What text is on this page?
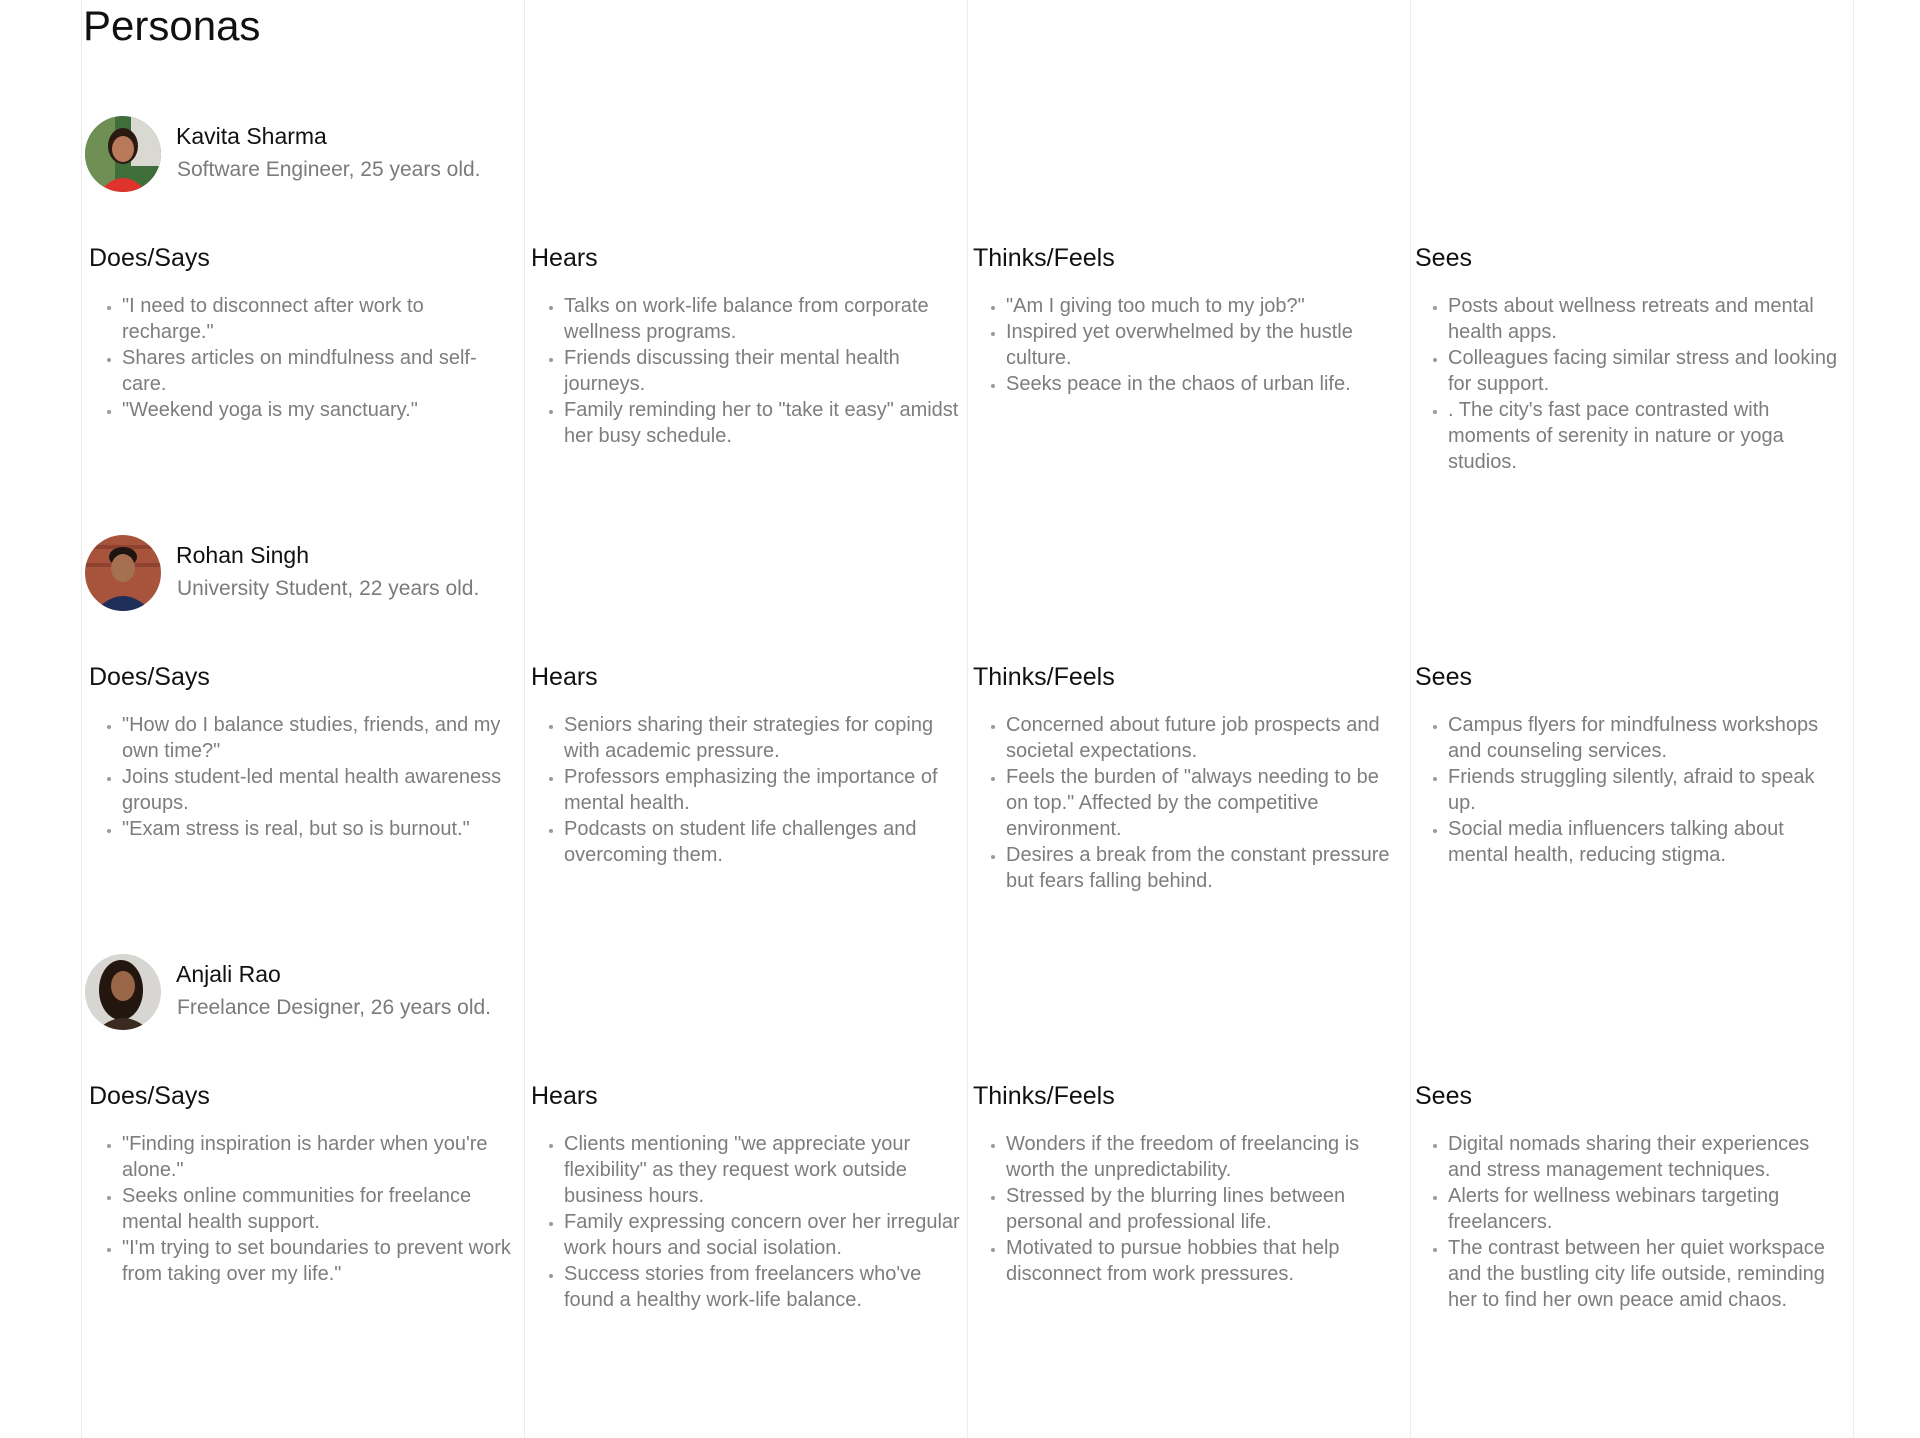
Personas
Kavita Sharma
Software Engineer, 25 years old.
Does/Says
• "I need to disconnect after work to recharge."
• Shares articles on mindfulness and self-care.
• "Weekend yoga is my sanctuary."
Hears
• Talks on work-life balance from corporate wellness programs.
• Friends discussing their mental health journeys.
• Family reminding her to "take it easy" amidst her busy schedule.
Thinks/Feels
• "Am I giving too much to my job?"
• Inspired yet overwhelmed by the hustle culture.
• Seeks peace in the chaos of urban life.
Sees
• Posts about wellness retreats and mental health apps.
• Colleagues facing similar stress and looking for support.
• . The city's fast pace contrasted with moments of serenity in nature or yoga studios.
Rohan Singh
University Student, 22 years old.
Does/Says
• "How do I balance studies, friends, and my own time?"
• Joins student-led mental health awareness groups.
• "Exam stress is real, but so is burnout."
Hears
• Seniors sharing their strategies for coping with academic pressure.
• Professors emphasizing the importance of mental health.
• Podcasts on student life challenges and overcoming them.
Thinks/Feels
• Concerned about future job prospects and societal expectations.
• Feels the burden of "always needing to be on top." Affected by the competitive environment.
• Desires a break from the constant pressure but fears falling behind.
Sees
• Campus flyers for mindfulness workshops and counseling services.
• Friends struggling silently, afraid to speak up.
• Social media influencers talking about mental health, reducing stigma.
Anjali Rao
Freelance Designer, 26 years old.
Does/Says
• "Finding inspiration is harder when you're alone."
• Seeks online communities for freelance mental health support.
• "I'm trying to set boundaries to prevent work from taking over my life."
Hears
• Clients mentioning "we appreciate your flexibility" as they request work outside business hours.
• Family expressing concern over her irregular work hours and social isolation.
• Success stories from freelancers who've found a healthy work-life balance.
Thinks/Feels
• Wonders if the freedom of freelancing is worth the unpredictability.
• Stressed by the blurring lines between personal and professional life.
• Motivated to pursue hobbies that help disconnect from work pressures.
Sees
• Digital nomads sharing their experiences and stress management techniques.
• Alerts for wellness webinars targeting freelancers.
• The contrast between her quiet workspace and the bustling city life outside, reminding her to find her own peace amid chaos.
